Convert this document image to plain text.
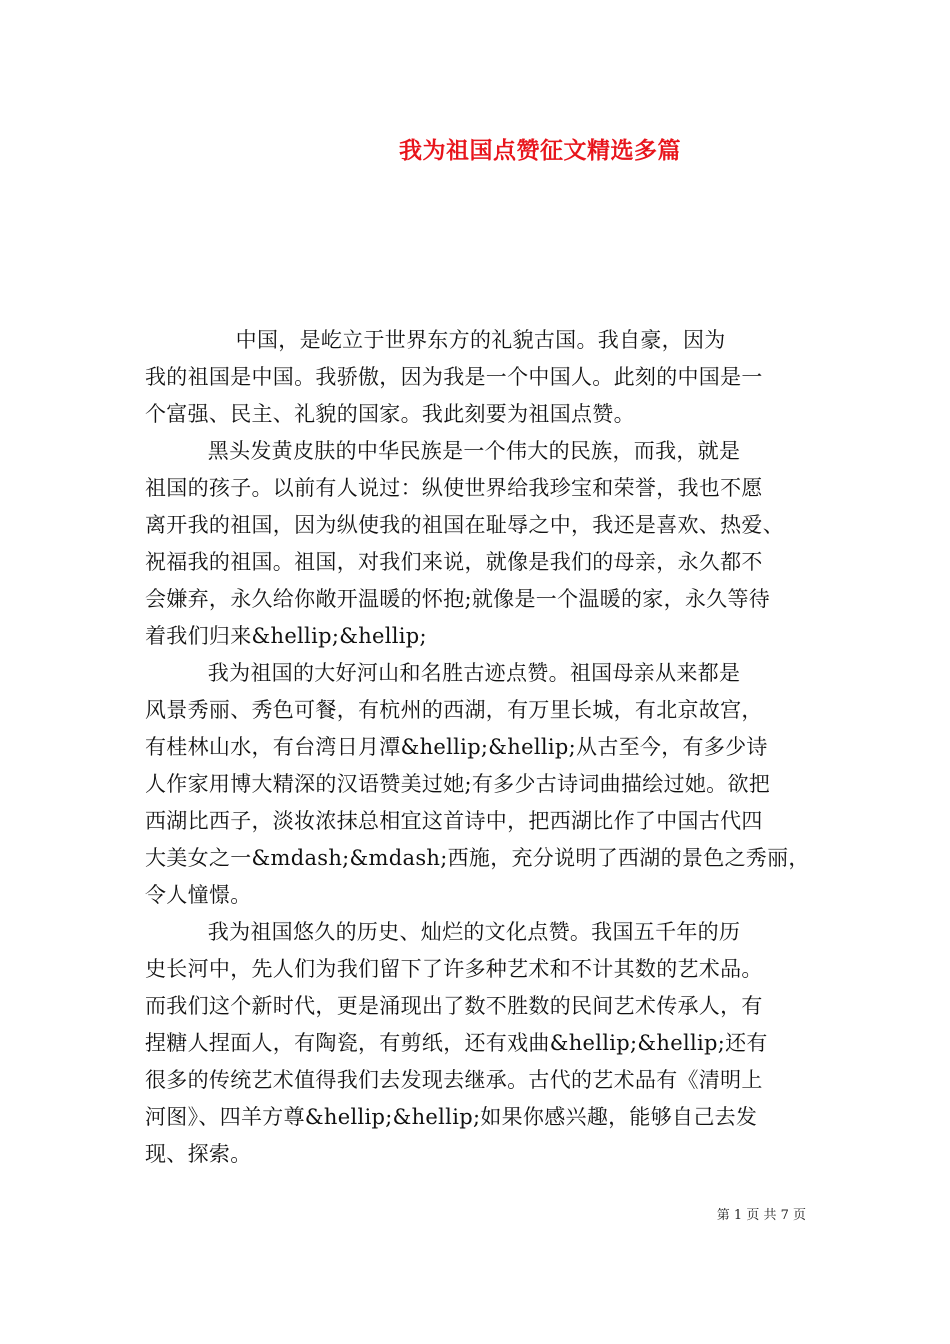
我为祖国点赞征文精选多篇
中国，是屹立于世界东方的礼貌古国。我自豪，因为
我的祖国是中国。我骄傲，因为我是一个中国人。此刻的中国是一
个富强、民主、礼貌的国家。我此刻要为祖国点赞。
黑头发黄皮肤的中华民族是一个伟大的民族，而我，就是
祖国的孩子。以前有人说过：纵使世界给我珍宝和荣誉，我也不愿
离开我的祖国，因为纵使我的祖国在耻辱之中，我还是喜欢、热爱、
祝福我的祖国。祖国，对我们来说，就像是我们的母亲，永久都不
会嫌弃，永久给你敞开温暖的怀抱;就像是一个温暖的家，永久等待
着我们归来&hellip;&hellip;
我为祖国的大好河山和名胜古迹点赞。祖国母亲从来都是
风景秀丽、秀色可餐，有杭州的西湖，有万里长城，有北京故宫，
有桂林山水，有台湾日月潭&hellip;&hellip;从古至今，有多少诗
人作家用博大精深的汉语赞美过她;有多少古诗词曲描绘过她。欲把
西湖比西子，淡妆浓抹总相宜这首诗中，把西湖比作了中国古代四
大美女之一&mdash;&mdash;西施，充分说明了西湖的景色之秀丽，
令人憧憬。
我为祖国悠久的历史、灿烂的文化点赞。我国五千年的历
史长河中，先人们为我们留下了许多种艺术和不计其数的艺术品。
而我们这个新时代，更是涌现出了数不胜数的民间艺术传承人，有
捏糖人捏面人，有陶瓷，有剪纸，还有戏曲&hellip;&hellip;还有
很多的传统艺术值得我们去发现去继承。古代的艺术品有《清明上
河图》、四羊方尊&hellip;&hellip;如果你感兴趣，能够自己去发
现、探索。
第 1 页 共 7 页
